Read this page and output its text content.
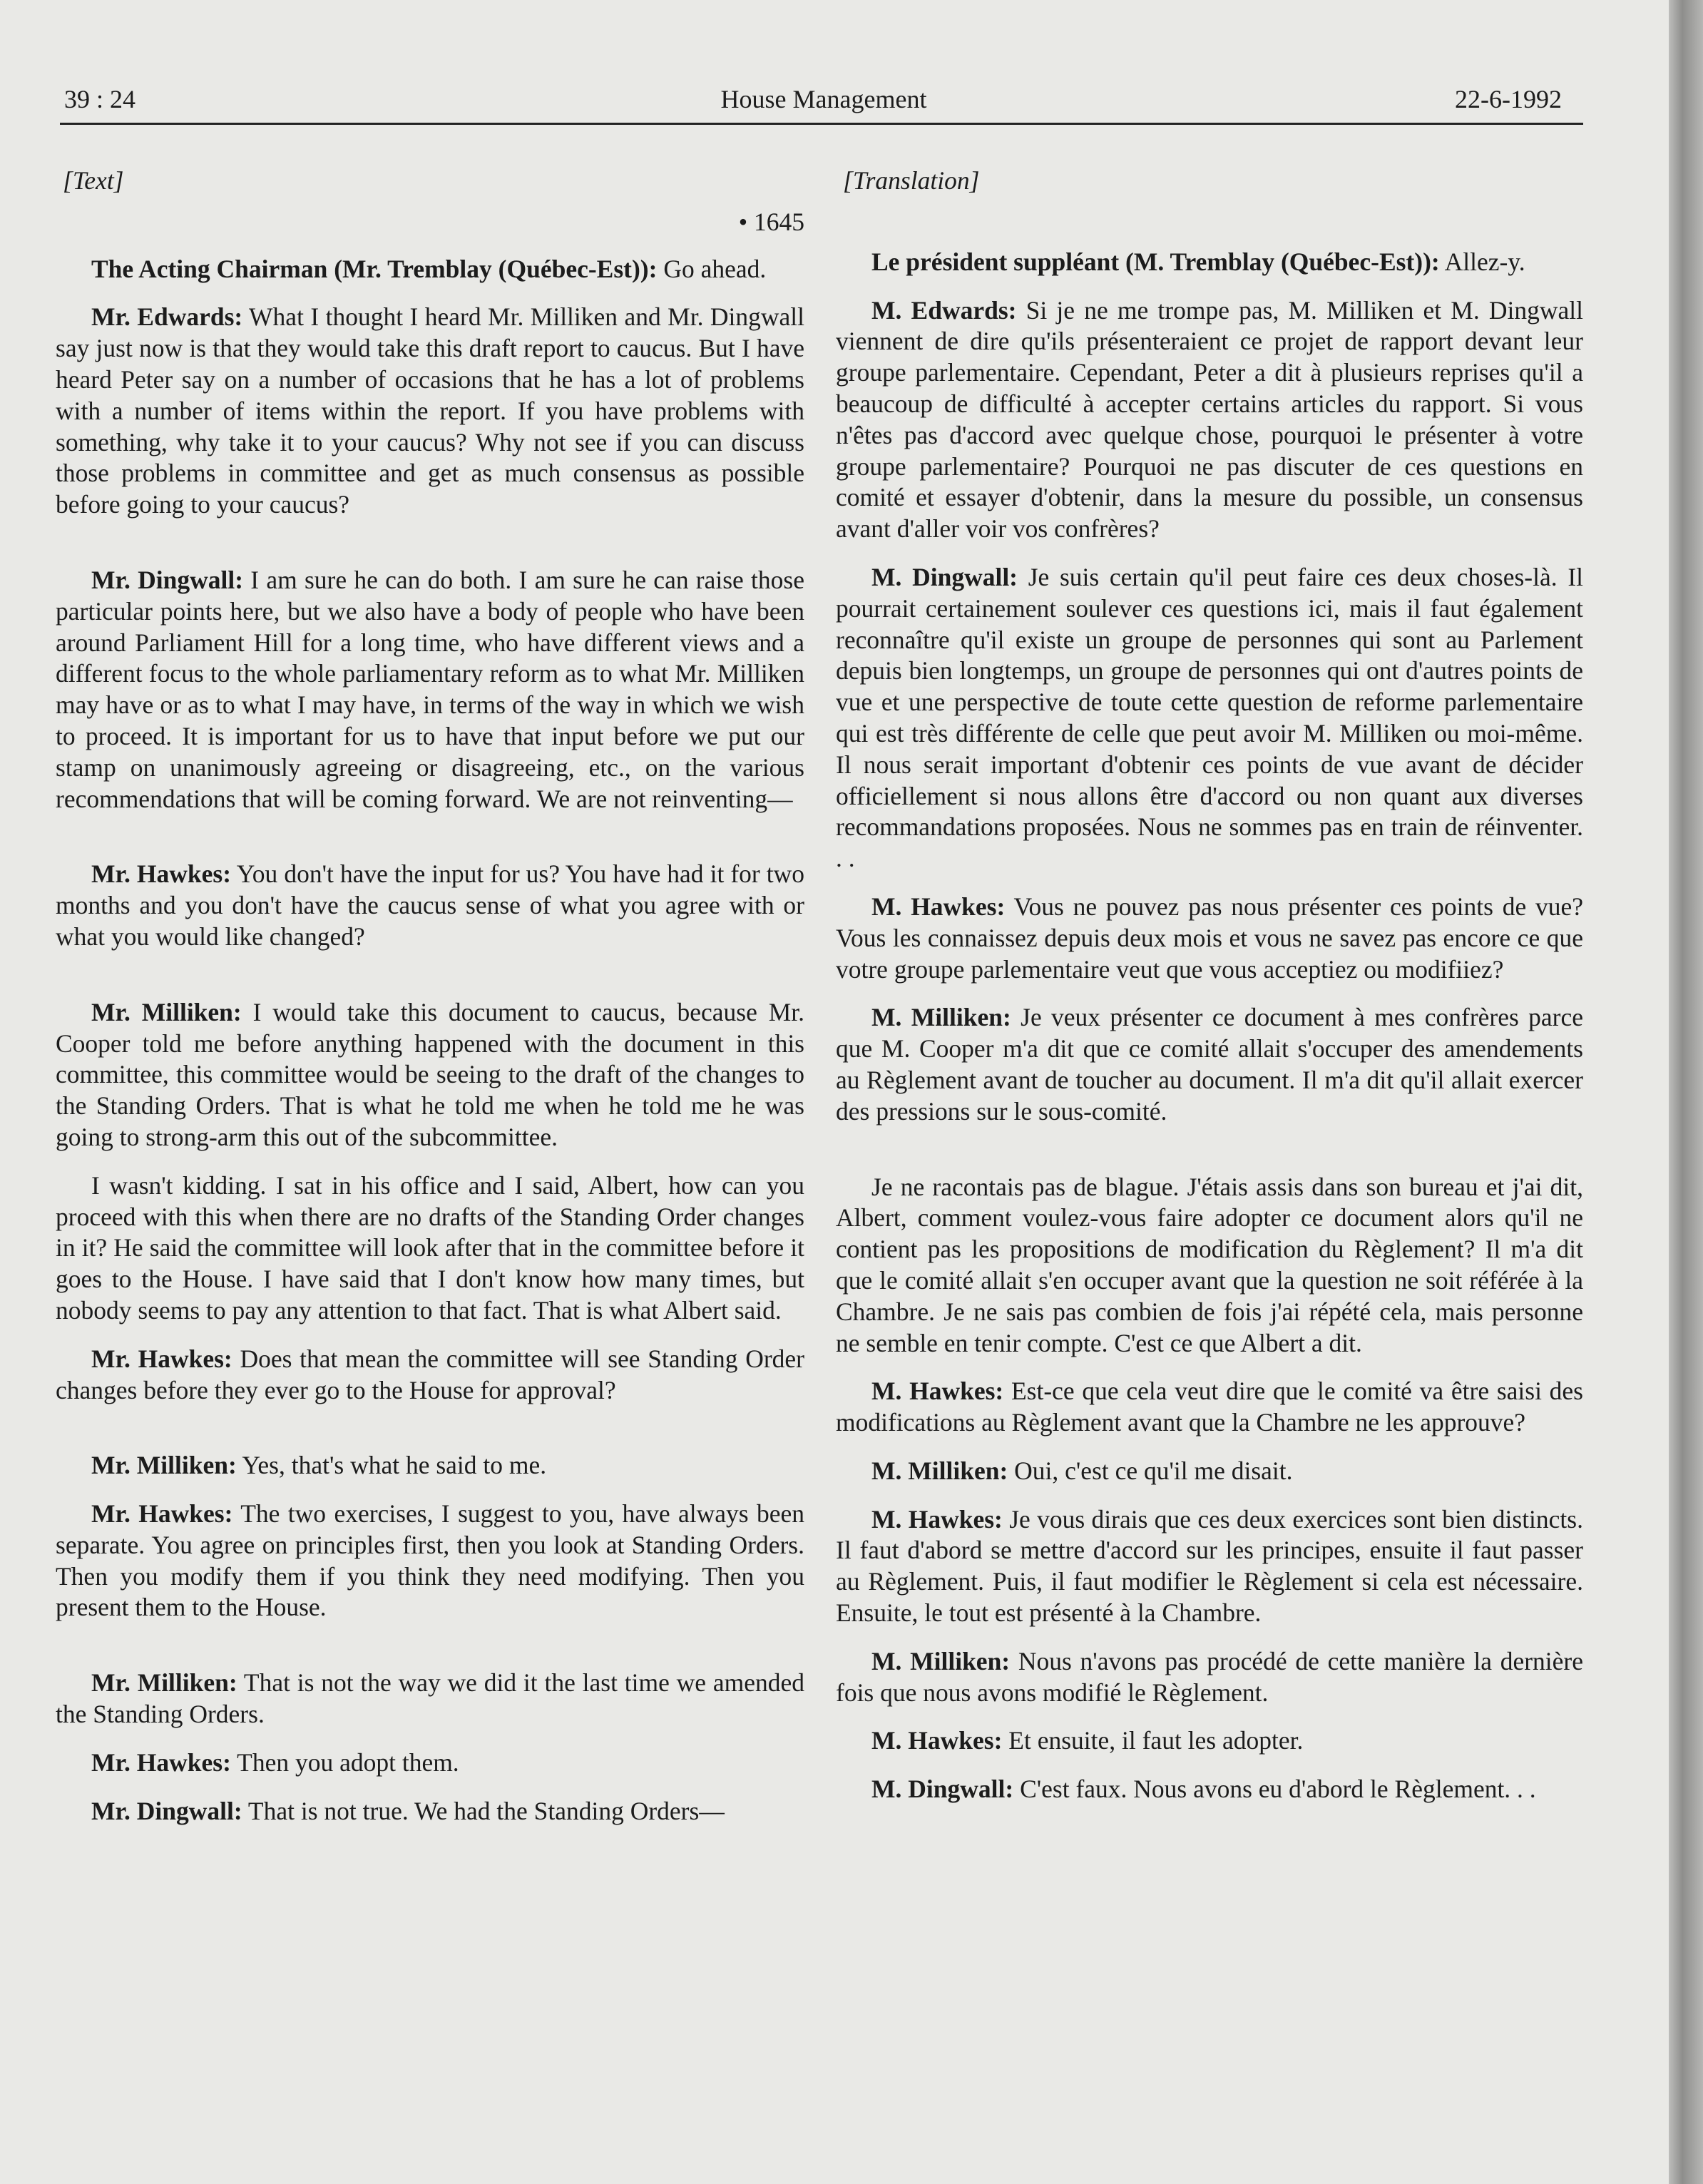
39 : 24	House Management	22-6-1992
[Text]
• 1645

The Acting Chairman (Mr. Tremblay (Québec-Est)): Go ahead.

Mr. Edwards: What I thought I heard Mr. Milliken and Mr. Dingwall say just now is that they would take this draft report to caucus. But I have heard Peter say on a number of occasions that he has a lot of problems with a number of items within the report. If you have problems with something, why take it to your caucus? Why not see if you can discuss those problems in committee and get as much consensus as possible before going to your caucus?

Mr. Dingwall: I am sure he can do both. I am sure he can raise those particular points here, but we also have a body of people who have been around Parliament Hill for a long time, who have different views and a different focus to the whole parliamentary reform as to what Mr. Milliken may have or as to what I may have, in terms of the way in which we wish to proceed. It is important for us to have that input before we put our stamp on unanimously agreeing or disagreeing, etc., on the various recommendations that will be coming forward. We are not reinventing—

Mr. Hawkes: You don't have the input for us? You have had it for two months and you don't have the caucus sense of what you agree with or what you would like changed?

Mr. Milliken: I would take this document to caucus, because Mr. Cooper told me before anything happened with the document in this committee, this committee would be seeing to the draft of the changes to the Standing Orders. That is what he told me when he told me he was going to strong-arm this out of the subcommittee.

I wasn't kidding. I sat in his office and I said, Albert, how can you proceed with this when there are no drafts of the Standing Order changes in it? He said the committee will look after that in the committee before it goes to the House. I have said that I don't know how many times, but nobody seems to pay any attention to that fact. That is what Albert said.

Mr. Hawkes: Does that mean the committee will see Standing Order changes before they ever go to the House for approval?

Mr. Milliken: Yes, that's what he said to me.

Mr. Hawkes: The two exercises, I suggest to you, have always been separate. You agree on principles first, then you look at Standing Orders. Then you modify them if you think they need modifying. Then you present them to the House.

Mr. Milliken: That is not the way we did it the last time we amended the Standing Orders.

Mr. Hawkes: Then you adopt them.

Mr. Dingwall: That is not true. We had the Standing Orders—

[Translation]

Le président suppléant (M. Tremblay (Québec-Est)): Allez-y.

M. Edwards: Si je ne me trompe pas, M. Milliken et M. Dingwall viennent de dire qu'ils présenteraient ce projet de rapport devant leur groupe parlementaire. Cependant, Peter a dit à plusieurs reprises qu'il a beaucoup de difficulté à accepter certains articles du rapport. Si vous n'êtes pas d'accord avec quelque chose, pourquoi le présenter à votre groupe parlementaire? Pourquoi ne pas discuter de ces questions en comité et essayer d'obtenir, dans la mesure du possible, un consensus avant d'aller voir vos confrères?

M. Dingwall: Je suis certain qu'il peut faire ces deux choses-là. Il pourrait certainement soulever ces questions ici, mais il faut également reconnaître qu'il existe un groupe de personnes qui sont au Parlement depuis bien longtemps, un groupe de personnes qui ont d'autres points de vue et une perspective de toute cette question de reforme parlementaire qui est très différente de celle que peut avoir M. Milliken ou moi-même. Il nous serait important d'obtenir ces points de vue avant de décider officiellement si nous allons être d'accord ou non quant aux diverses recommandations proposées. Nous ne sommes pas en train de réinventer. . .

M. Hawkes: Vous ne pouvez pas nous présenter ces points de vue? Vous les connaissez depuis deux mois et vous ne savez pas encore ce que votre groupe parlementaire veut que vous acceptiez ou modifiiez?

M. Milliken: Je veux présenter ce document à mes confrères parce que M. Cooper m'a dit que ce comité allait s'occuper des amendements au Règlement avant de toucher au document. Il m'a dit qu'il allait exercer des pressions sur le sous-comité.

Je ne racontais pas de blague. J'étais assis dans son bureau et j'ai dit, Albert, comment voulez-vous faire adopter ce document alors qu'il ne contient pas les propositions de modification du Règlement? Il m'a dit que le comité allait s'en occuper avant que la question ne soit référée à la Chambre. Je ne sais pas combien de fois j'ai répété cela, mais personne ne semble en tenir compte. C'est ce que Albert a dit.

M. Hawkes: Est-ce que cela veut dire que le comité va être saisi des modifications au Règlement avant que la Chambre ne les approuve?

M. Milliken: Oui, c'est ce qu'il me disait.

M. Hawkes: Je vous dirais que ces deux exercices sont bien distincts. Il faut d'abord se mettre d'accord sur les principes, ensuite il faut passer au Règlement. Puis, il faut modifier le Règlement si cela est nécessaire. Ensuite, le tout est présenté à la Chambre.

M. Milliken: Nous n'avons pas procédé de cette manière la dernière fois que nous avons modifié le Règlement.

M. Hawkes: Et ensuite, il faut les adopter.

M. Dingwall: C'est faux. Nous avons eu d'abord le Règlement. . .
